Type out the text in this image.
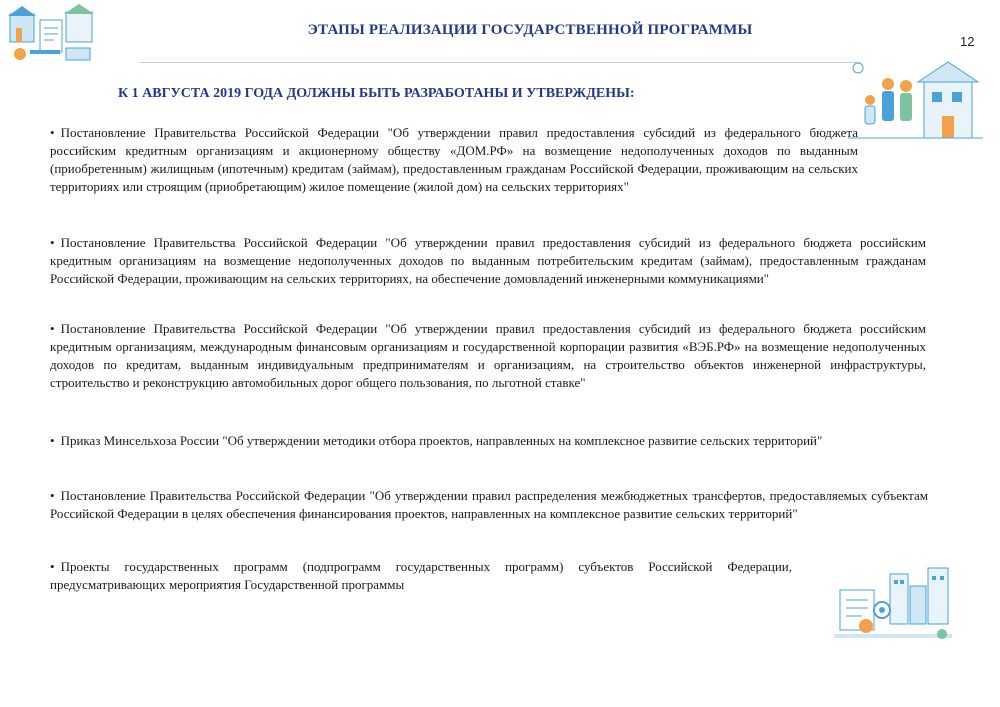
ЭТАПЫ РЕАЛИЗАЦИИ ГОСУДАРСТВЕННОЙ ПРОГРАММЫ
12
К 1 АВГУСТА 2019 ГОДА ДОЛЖНЫ БЫТЬ РАЗРАБОТАНЫ И УТВЕРЖДЕНЫ:
• Постановление Правительства Российской Федерации "Об утверждении правил предоставления субсидий из федерального бюджета российским кредитным организациям и акционерному обществу «ДОМ.РФ» на возмещение недополученных доходов по выданным (приобретенным) жилищным (ипотечным) кредитам (займам), предоставленным гражданам Российской Федерации, проживающим на сельских территориях или строящим (приобретающим) жилое помещение (жилой дом) на сельских территориях"
• Постановление Правительства Российской Федерации "Об утверждении правил предоставления субсидий из федерального бюджета российским кредитным организациям на возмещение недополученных доходов по выданным потребительским кредитам (займам), предоставленным гражданам Российской Федерации, проживающим на сельских территориях, на обеспечение домовладений инженерными коммуникациями"
• Постановление Правительства Российской Федерации "Об утверждении правил предоставления субсидий из федерального бюджета российским кредитным организациям, международным финансовым организациям и государственной корпорации развития «ВЭБ.РФ» на возмещение недополученных доходов по кредитам, выданным индивидуальным предпринимателям и организациям, на строительство объектов инженерной инфраструктуры, строительство и реконструкцию автомобильных дорог общего пользования, по льготной ставке"
• Приказ Минсельхоза России "Об утверждении методики отбора проектов, направленных на комплексное развитие сельских территорий"
• Постановление Правительства Российской Федерации "Об утверждении правил распределения межбюджетных трансфертов, предоставляемых субъектам Российской Федерации в целях обеспечения финансирования проектов, направленных на комплексное развитие сельских территорий"
• Проекты государственных программ (подпрограмм государственных программ) субъектов Российской Федерации, предусматривающих мероприятия Государственной программы
